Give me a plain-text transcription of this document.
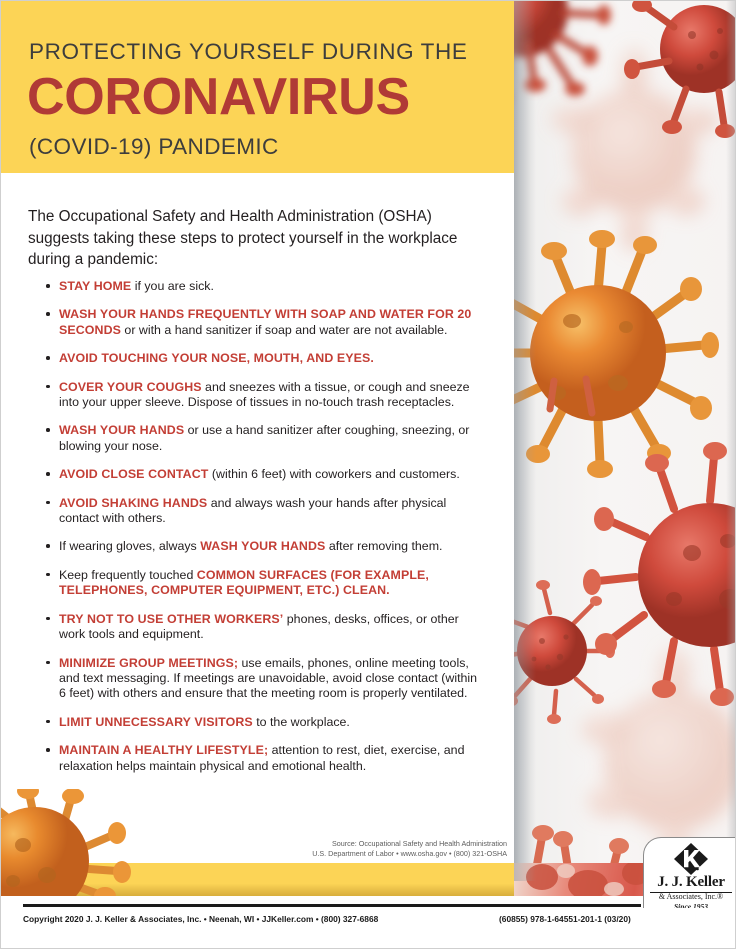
PROTECTING YOURSELF DURING THE
CORONAVIRUS
(COVID-19) PANDEMIC
The Occupational Safety and Health Administration (OSHA) suggests taking these steps to protect yourself in the workplace during a pandemic:
STAY HOME if you are sick.
WASH YOUR HANDS FREQUENTLY WITH SOAP AND WATER FOR 20 SECONDS or with a hand sanitizer if soap and water are not available.
AVOID TOUCHING YOUR NOSE, MOUTH, AND EYES.
COVER YOUR COUGHS and sneezes with a tissue, or cough and sneeze into your upper sleeve. Dispose of tissues in no-touch trash receptacles.
WASH YOUR HANDS or use a hand sanitizer after coughing, sneezing, or blowing your nose.
AVOID CLOSE CONTACT (within 6 feet) with coworkers and customers.
AVOID SHAKING HANDS and always wash your hands after physical contact with others.
If wearing gloves, always WASH YOUR HANDS after removing them.
Keep frequently touched COMMON SURFACES (FOR EXAMPLE, TELEPHONES, COMPUTER EQUIPMENT, ETC.) CLEAN.
TRY NOT TO USE OTHER WORKERS’ phones, desks, offices, or other work tools and equipment.
MINIMIZE GROUP MEETINGS; use emails, phones, online meeting tools, and text messaging. If meetings are unavoidable, avoid close contact (within 6 feet) with others and ensure that the meeting room is properly ventilated.
LIMIT UNNECESSARY VISITORS to the workplace.
MAINTAIN A HEALTHY LIFESTYLE; attention to rest, diet, exercise, and relaxation helps maintain physical and emotional health.
Source: Occupational Safety and Health Administration
U.S. Department of Labor • www.osha.gov • (800) 321-OSHA
J. J. Keller
& Associates, Inc.®
Since 1953
Copyright 2020 J. J. Keller & Associates, Inc. • Neenah, WI • JJKeller.com • (800) 327-6868	(60855) 978-1-64551-201-1 (03/20)
